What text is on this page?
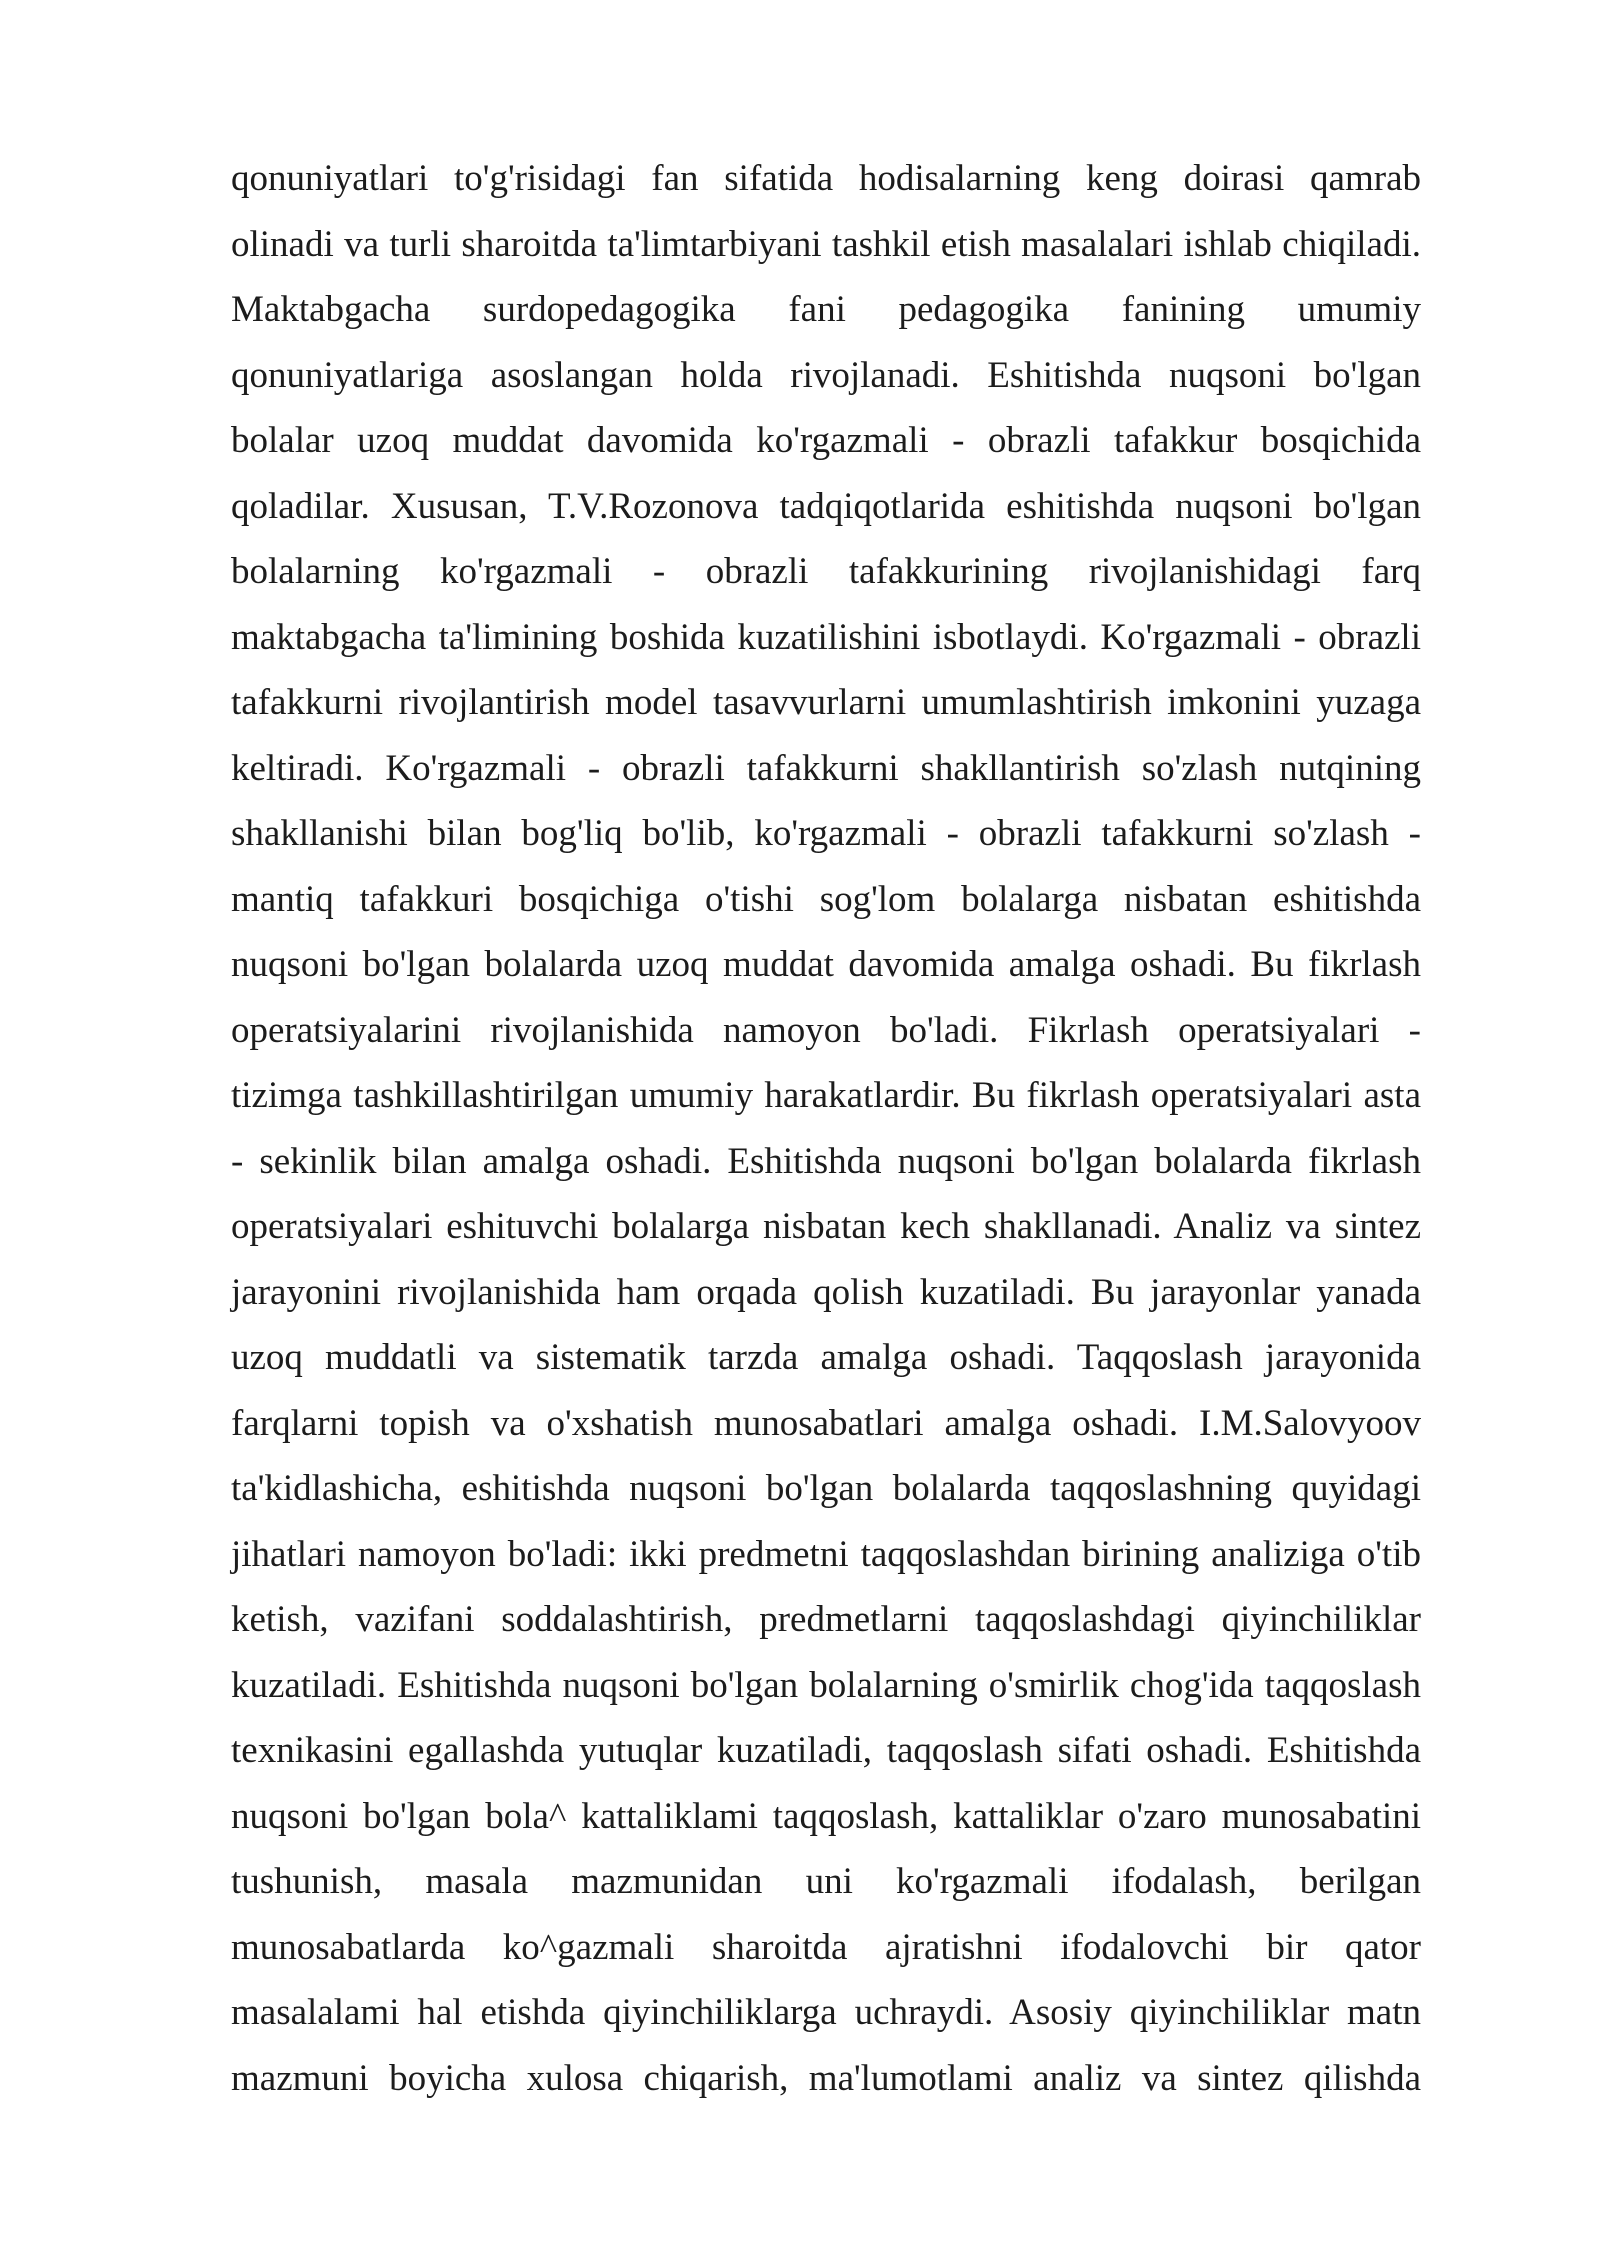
qonuniyatlari to'g'risidagi fan sifatida hodisalarning keng doirasi qamrab
olinadi va turli sharoitda ta'limtarbiyani tashkil etish masalalari ishlab chiqiladi.
Maktabgacha surdopedagogika fani pedagogika fanining umumiy
qonuniyatlariga asoslangan holda rivojlanadi. Eshitishda nuqsoni bo'lgan
bolalar uzoq muddat davomida ko'rgazmali - obrazli tafakkur bosqichida
qoladilar. Xususan, T.V.Rozonova tadqiqotlarida eshitishda nuqsoni bo'lgan
bolalarning ko'rgazmali - obrazli tafakkurining rivojlanishidagi farq
maktabgacha ta'limining boshida kuzatilishini isbotlaydi. Ko'rgazmali - obrazli
tafakkurni rivojlantirish model tasavvurlarni umumlashtirish imkonini yuzaga
keltiradi. Ko'rgazmali - obrazli tafakkurni shakllantirish so'zlash nutqining
shakllanishi bilan bog'liq bo'lib, ko'rgazmali - obrazli tafakkurni so'zlash -
mantiq tafakkuri bosqichiga o'tishi sog'lom bolalarga nisbatan eshitishda
nuqsoni bo'lgan bolalarda uzoq muddat davomida amalga oshadi. Bu fikrlash
operatsiyalarini rivojlanishida namoyon bo'ladi. Fikrlash operatsiyalari -
tizimga tashkillashtirilgan umumiy harakatlardir. Bu fikrlash operatsiyalari asta
- sekinlik bilan amalga oshadi. Eshitishda nuqsoni bo'lgan bolalarda fikrlash
operatsiyalari eshituvchi bolalarga nisbatan kech shakllanadi. Analiz va sintez
jarayonini rivojlanishida ham orqada qolish kuzatiladi. Bu jarayonlar yanada
uzoq muddatli va sistematik tarzda amalga oshadi. Taqqoslash jarayonida
farqlarni topish va o'xshatish munosabatlari amalga oshadi. I.M.Salovyoov
ta'kidlashicha, eshitishda nuqsoni bo'lgan bolalarda taqqoslashning quyidagi
jihatlari namoyon bo'ladi: ikki predmetni taqqoslashdan birining analiziga o'tib
ketish, vazifani soddalashtirish, predmetlarni taqqoslashdagi qiyinchiliklar
kuzatiladi. Eshitishda nuqsoni bo'lgan bolalarning o'smirlik chog'ida taqqoslash
texnikasini egallashda yutuqlar kuzatiladi, taqqoslash sifati oshadi. Eshitishda
nuqsoni bo'lgan bola^ kattaliklami taqqoslash, kattaliklar o'zaro munosabatini
tushunish, masala mazmunidan uni ko'rgazmali ifodalash, berilgan
munosabatlarda ko^gazmali sharoitda ajratishni ifodalovchi bir qator
masalalami hal etishda qiyinchiliklarga uchraydi. Asosiy qiyinchiliklar matn
mazmuni boyicha xulosa chiqarish, ma'lumotlami analiz va sintez qilishda
